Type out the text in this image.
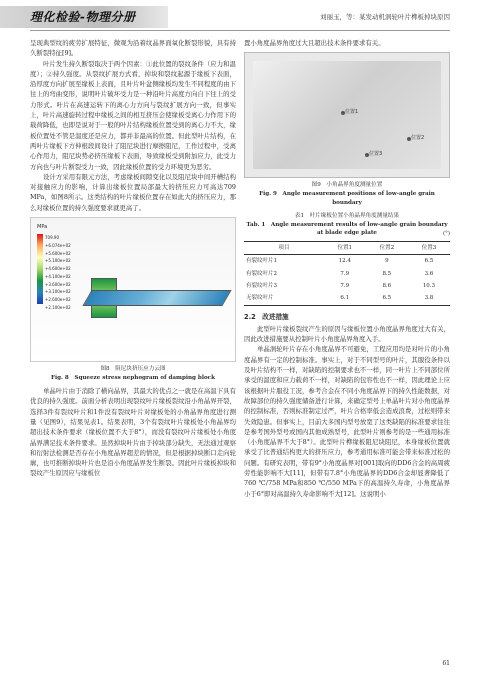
理化检验-物理分册	刘丽玉，等：某发动机涡轮叶片榫板掉块原因

呈现典型纹的疲劳扩展特征，微观为沿着纹晶界面氧化断裂形貌，具有持久断裂特征[9]。

叶片发生持久断裂取决于两个因素：①此位置的裂纹条件（应力和温度）；②持久强度。从裂纹扩展方式看，掉块和裂纹起源于缘板下表面，沿厚度方向扩展至缘板上表面，且叶片叶盆侧缘板均发生不同程度的由下往上的弯曲变形，说明叶片破坏受力是一种沿叶片高度方向自下往上的受力形式。叶片在高速运转下的离心力方向与裂纹扩展方向一致，但事实上，叶片高速旋转过程中缘板之间的相互挤压会使缘板受离心力作用下的载荷降低，也即是说对于一般的叶片结构缘板位置受到的离心力不大，缘板位置处不管是温度还是应力，都并非最高的位置。但此型叶片结构，在两叶片缘板下方伸根段间设计了阻尼块进行摩擦阻尼，工作过程中，受离心作用力，阻尼块势必挤压缘板下表面，导致缘板受到附加应力，此受力方向也与叶片断裂受力一致，因此缘板位置的受力环境更为恶劣。

设计方采用有限元方法，考虑缘板间隙变化以及阻尼块中间开槽结构对接触应力的影响，计算出缘板位置局部最大的挤压应力可高达709 MPa，如图8所示。这类结构的叶片缘板位置存在如此大的挤压应力，那么对缘板位置的持久强度要求就更高了。

MPa
709.90
+6.074e+02
+5.600e+02
+5.100e+02
+4.600e+02
+4.100e+02
+3.600e+02
+3.100e+02
+2.600e+02
+2.100e+02
图8　阻尼块挤压应力云图
Fig. 8　Squeeze stress nephogram of damping block

单晶叶片由于消除了横向晶界，其最大的优点之一就是在高温下具有优良的持久强度。前面分析表明出现裂纹叶片缘板裂纹沿小角晶界开裂，选择3件有裂纹叶片和1件没有裂纹叶片对缘板处的小角晶界角度进行测量（见图9），结果见表1。结果表明，3个有裂纹叶片缘板处小角晶界均超出技术条件要求（缘板位置不大于8°），而没有裂纹叶片缘板处小角度晶界满足技术条件要求。虽然掉块叶片由于掉块部分缺失，无法通过观察和衍射法检测是否存在小角度晶界超差的情况，但是根据掉块断口走向轮廓，也可推断掉块叶片也是沿小角度晶界发生断裂。因此叶片缘板掉块和裂纹产生原因应与缘板位

置小角度晶界角度过大且超出技术条件要求有关。

位置1
位置2
位置3
图9　小角晶界角度测量位置
Fig. 9　Angle measurement positions of low-angle grain boundary
表1　叶片缘板位置小角晶界角度测量结果
Tab. 1　Angle measurement results of low-angle grain boundary at blade edge plate	(°)
项目	位置1	位置2	位置3
有裂纹叶片1	12.4	9	6.5
有裂纹叶片2	7.9	8.5	3.6
有裂纹叶片3	7.9	8.6	10.3
无裂纹叶片	6.1	6.5	3.8
2.2　改进措施

此型叶片缘板裂纹产生的原因与缘板位置小角度晶界角度过大有关，因此改进措施要从控制叶片小角度晶界角度入手。

单晶涡轮叶片存在小角度晶界不可避免，工程应用均是对叶片的小角度晶界有一定的控制标准。事实上，对于不同型号的叶片，其服役条件以及叶片结构不一样，对缺陷的控制要求也不一样，同一叶片上不同部位所承受的温度和应力载荷不一样，对缺陷的包容性也不一样，因此理论上应该根据叶片服役工况，参考合金在不同小角度晶界下的持久性能数据，对故障部位的持久强度储备进行计算，来确定型号上单晶叶片对小角度晶界的控制标准，否则标准制定过严，叶片合格率低会造成浪费，过松则带来失效隐患。但事实上，目前大多国内型号放宽了这类缺陷的标准要求往往是参考国外型号或国内其他成熟型号，此型叶片则参考的是一些通用标准（小角度晶界不大于8°）。此型叶片榫缘板阻尼块阻尼，本身缘板位置就承受了比普通结构更大的挤压应力，参考通用标准可能会带来标准过松的问题。有研究表明，带有9°小角度晶界对[001]取向的DD6合金的高周疲劳性能影响不大[11]，但带有7.8°小角度晶界的DD6合金却显著降低了760 ℃/758 MPa和850 ℃/550 MPa下的高温持久寿命，小角度晶界小于6°即对高温持久寿命影响不大[12]。这说明小

61
